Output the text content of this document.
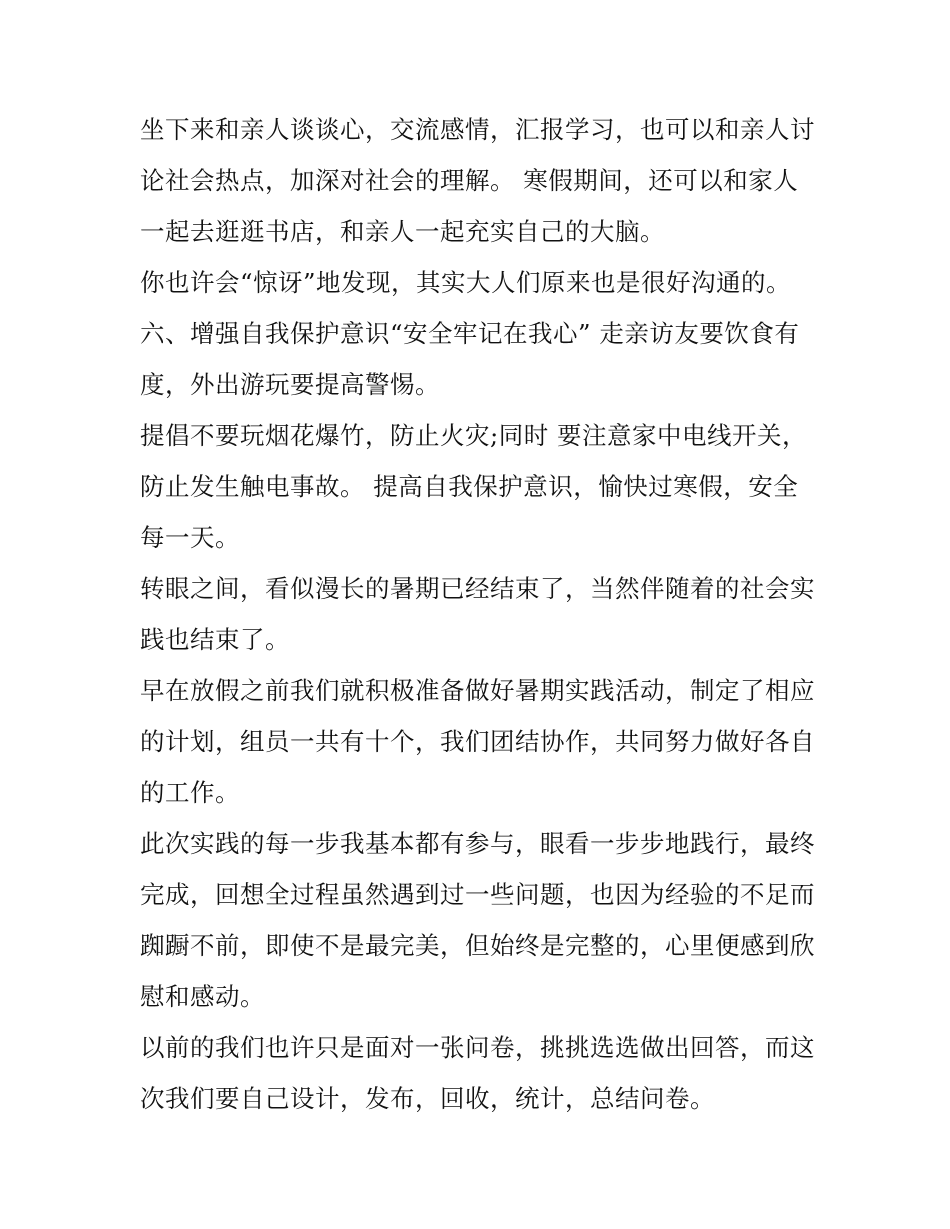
坐下来和亲人谈谈心，交流感情，汇报学习，也可以和亲人讨
论社会热点，加深对社会的理解。 寒假期间，还可以和家人
一起去逛逛书店，和亲人一起充实自己的大脑。
你也许会“惊讶”地发现，其实大人们原来也是很好沟通的。
六、增强自我保护意识“安全牢记在我心” 走亲访友要饮食有
度，外出游玩要提高警惕。
提倡不要玩烟花爆竹，防止火灾;同时 要注意家中电线开关，
防止发生触电事故。 提高自我保护意识，愉快过寒假，安全
每一天。
转眼之间，看似漫长的暑期已经结束了，当然伴随着的社会实
践也结束了。
早在放假之前我们就积极准备做好暑期实践活动，制定了相应
的计划，组员一共有十个，我们团结协作，共同努力做好各自
的工作。
此次实践的每一步我基本都有参与，眼看一步步地践行，最终
完成，回想全过程虽然遇到过一些问题，也因为经验的不足而
踟蹰不前，即使不是最完美，但始终是完整的，心里便感到欣
慰和感动。
以前的我们也许只是面对一张问卷，挑挑选选做出回答，而这
次我们要自己设计，发布，回收，统计，总结问卷。
